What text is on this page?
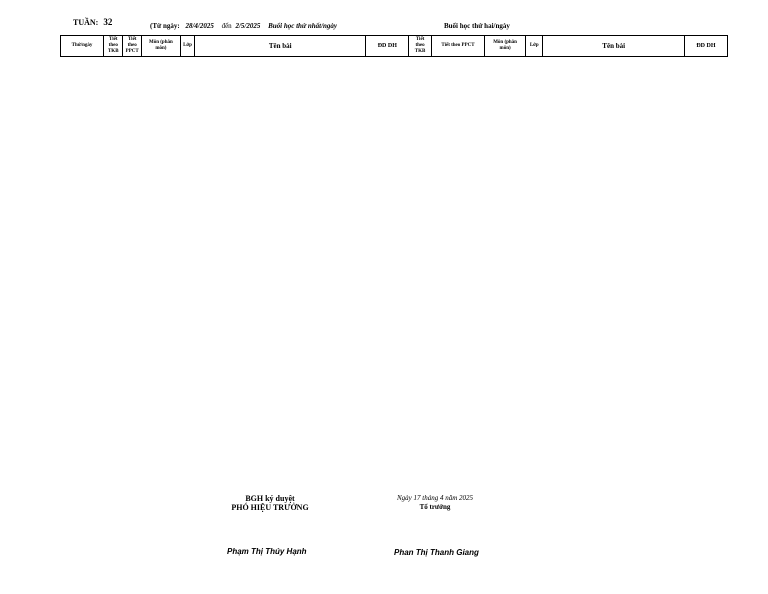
TUẦN: 32	(Từ ngày: 28/4/2025 đến 2/5/2025 Buổi học thứ nhất/ngày	Buổi học thứ hai/ngày
Thứ/ngày	Tiết theo TKB	Tiết theo PPCT	Môn (phân môn)	Lớp	Tên bài	ĐD DH	Tiết theo TKB	Tiết theo PPCT	Môn (phân môn)	Lớp	Tên bài	ĐD DH
BGH ký duyệt
PHÓ HIỆU TRƯỞNG
Ngày 17 tháng 4 năm 2025
Tổ trưởng
Phạm Thị Thúy Hạnh	Phan Thị Thanh Giang
